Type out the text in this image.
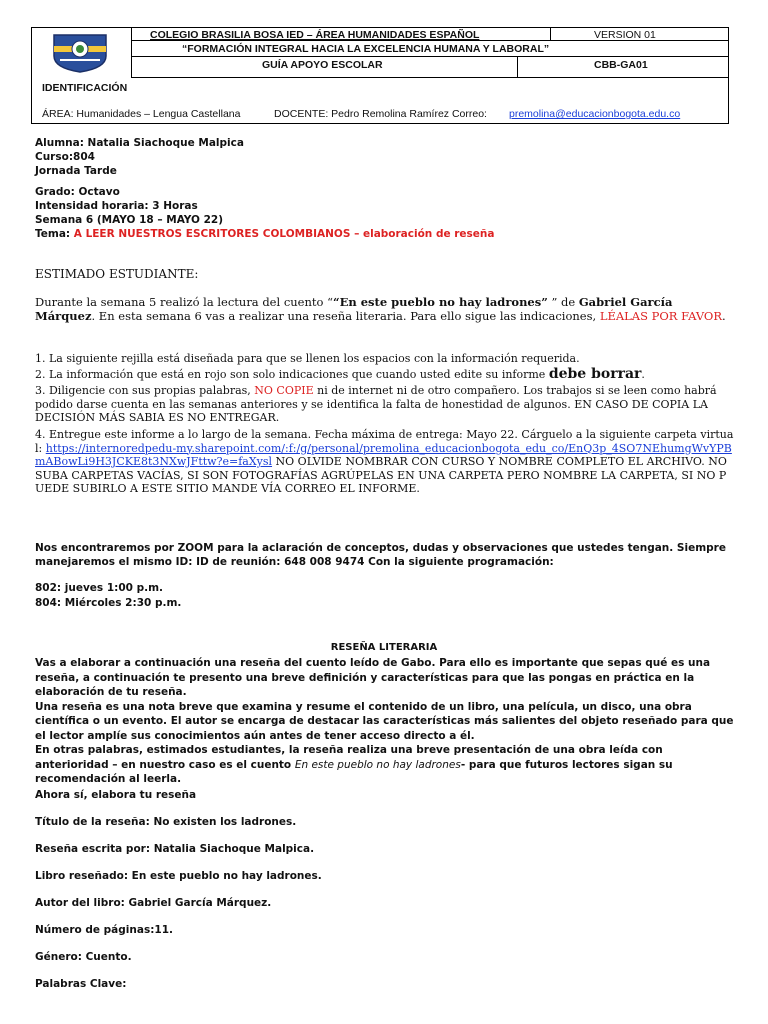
COLEGIO BRASILIA BOSA IED – ÁREA HUMANIDADES ESPAÑOL	VERSION 01
“FORMACIÓN INTEGRAL HACIA LA EXCELENCIA HUMANA Y LABORAL”
GUÍA APOYO ESCOLAR	CBB-GA01
IDENTIFICACIÓN
ÁREA: Humanidades – Lengua Castellana	DOCENTE: Pedro Remolina Ramírez Correo: premolina@educacionbogota.edu.co
Alumna: Natalia Siachoque Malpica
Curso:804
Jornada Tarde
Grado: Octavo
Intensidad horaria: 3 Horas
Semana 6 (MAYO 18 – MAYO 22)
Tema: A LEER NUESTROS ESCRITORES COLOMBIANOS – elaboración de reseña
ESTIMADO ESTUDIANTE:

Durante la semana 5 realizó la lectura del cuento ““En este pueblo no hay ladrones” ” de Gabriel García Márquez. En esta semana 6 vas a realizar una reseña literaria. Para ello sigue las indicaciones, LÉALAS POR FAVOR.

1. La siguiente rejilla está diseñada para que se llenen los espacios con la información requerida.

2. La información que está en rojo son solo indicaciones que cuando usted edite su informe debe borrar.

3. Diligencie con sus propias palabras, NO COPIE ni de internet ni de otro compañero. Los trabajos si se leen como habrá podido darse cuenta en las semanas anteriores y se identifica la falta de honestidad de algunos. EN CASO DE COPIA LA DECISIÓN MÁS SABIA ES NO ENTREGAR.

4. Entregue este informe a lo largo de la semana. Fecha máxima de entrega: Mayo 22. Cárguelo a la siguiente carpeta virtual: https://internoredpedu-my.sharepoint.com/:f:/g/personal/premolina_educacionbogota_edu_co/EnQ3p_4SO7NEhumgWvYPBmABowLi9H3JCKE8t3NXwJFttw?e=faXysl NO OLVIDE NOMBRAR CON CURSO Y NOMBRE COMPLETO EL ARCHIVO. NO SUBA CARPETAS VACÍAS, SI SON FOTOGRAFÍAS AGRÚPELAS EN UNA CARPETA PERO NOMBRE LA CARPETA, SI NO PUEDE SUBIRLO A ESTE SITIO MANDE VÍA CORREO EL INFORME.

Nos encontraremos por ZOOM para la aclaración de conceptos, dudas y observaciones que ustedes tengan. Siempre manejaremos el mismo ID: ID de reunión: 648 008 9474 Con la siguiente programación:

802: jueves 1:00 p.m.
804: Miércoles 2:30 p.m.
RESEÑA LITERARIA

Vas a elaborar a continuación una reseña del cuento leído de Gabo. Para ello es importante que sepas qué es una reseña, a continuación te presento una breve definición y características para que las pongas en práctica en la elaboración de tu reseña.

Una reseña es una nota breve que examina y resume el contenido de un libro, una película, un disco, una obra científica o un evento. El autor se encarga de destacar las características más salientes del objeto reseñado para que el lector amplíe sus conocimientos aún antes de tener acceso directo a él.

En otras palabras, estimados estudiantes, la reseña realiza una breve presentación de una obra leída con anterioridad – en nuestro caso es el cuento En este pueblo no hay ladrones- para que futuros lectores sigan su recomendación al leerla.

Ahora sí, elabora tu reseña
Título de la reseña: No existen los ladrones.
Reseña escrita por: Natalia Siachoque Malpica.
Libro reseñado: En este pueblo no hay ladrones.
Autor del libro: Gabriel García Márquez.
Número de páginas:11.
Género: Cuento.
Palabras Clave:
